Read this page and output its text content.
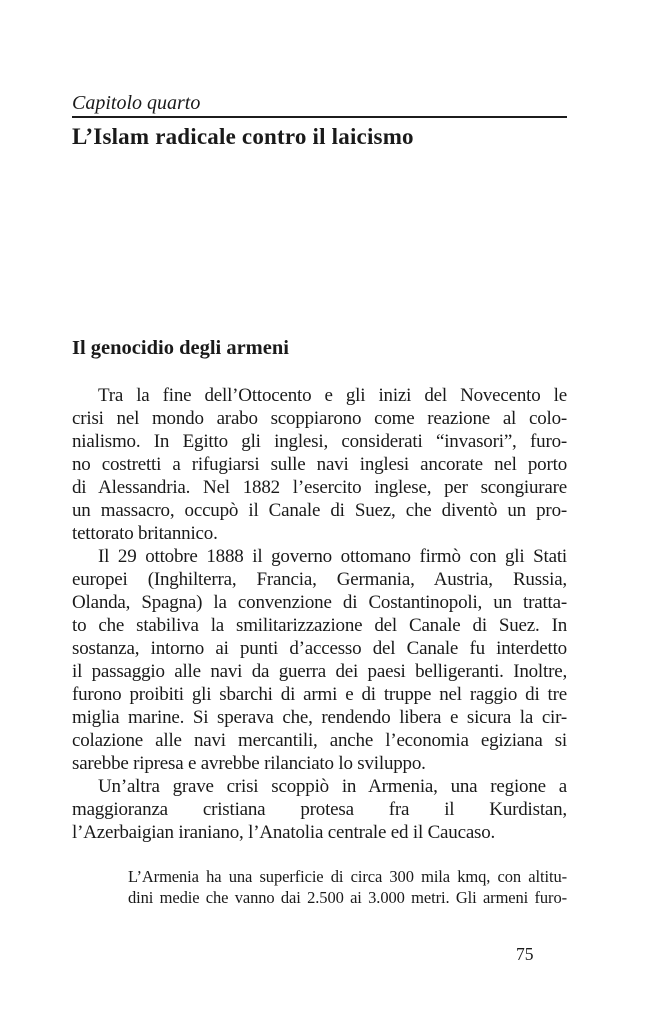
Capitolo quarto
L’Islam radicale contro il laicismo
Il genocidio degli armeni
Tra la fine dell’Ottocento e gli inizi del Novecento le
crisi nel mondo arabo scoppiarono come reazione al colo-
nialismo. In Egitto gli inglesi, considerati “invasori”, furo-
no costretti a rifugiarsi sulle navi inglesi ancorate nel porto
di Alessandria. Nel 1882 l’esercito inglese, per scongiurare
un massacro, occupò il Canale di Suez, che diventò un pro-
tettorato britannico.
Il 29 ottobre 1888 il governo ottomano firmò con gli Stati
europei (Inghilterra, Francia, Germania, Austria, Russia,
Olanda, Spagna) la convenzione di Costantinopoli, un tratta-
to che stabiliva la smilitarizzazione del Canale di Suez. In
sostanza, intorno ai punti d’accesso del Canale fu interdetto
il passaggio alle navi da guerra dei paesi belligeranti. Inoltre,
furono proibiti gli sbarchi di armi e di truppe nel raggio di tre
miglia marine. Si sperava che, rendendo libera e sicura la cir-
colazione alle navi mercantili, anche l’economia egiziana si
sarebbe ripresa e avrebbe rilanciato lo sviluppo.
Un’altra grave crisi scoppiò in Armenia, una regione a
maggioranza cristiana protesa fra il Kurdistan,
l’Azerbaigian iraniano, l’Anatolia centrale ed il Caucaso.
L’Armenia ha una superficie di circa 300 mila kmq, con altitu-
dini medie che vanno dai 2.500 ai 3.000 metri. Gli armeni furo-
75
